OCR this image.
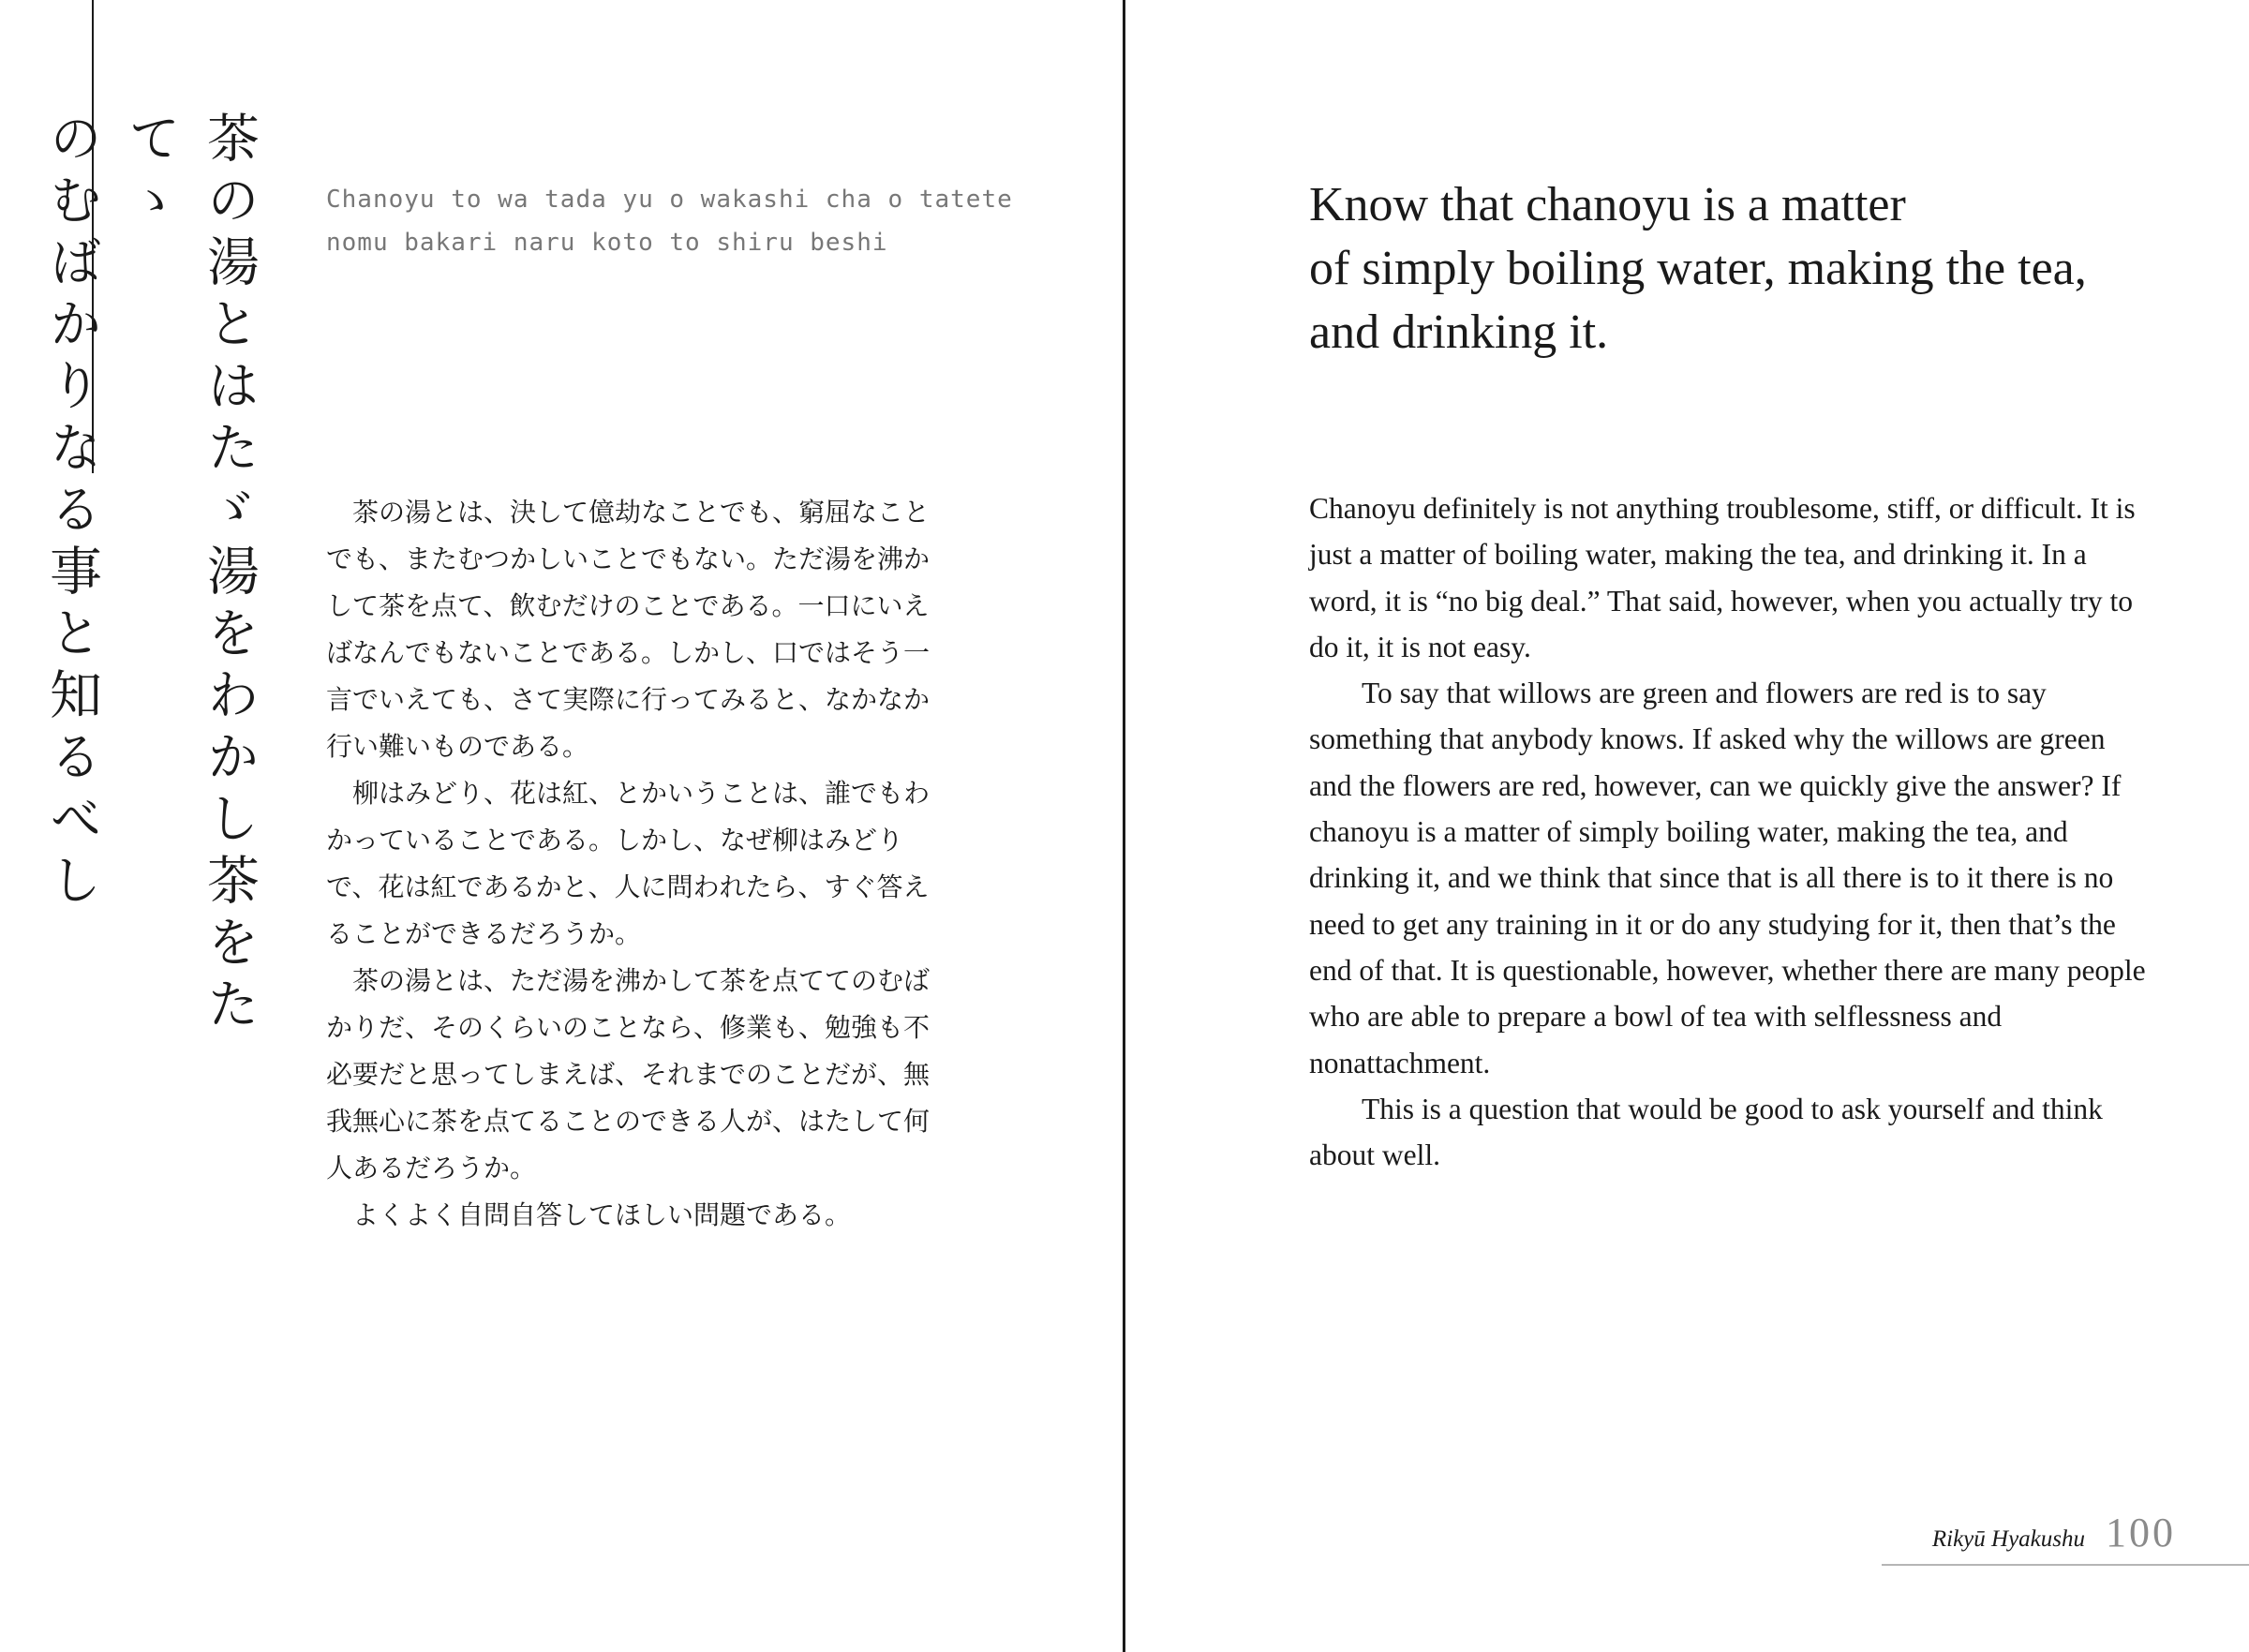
茶の湯とはたゞ湯をわかし茶をたてゝ
のむばかりなる事と知るべし	Chanoyu to wa tada yu o wakashi cha o tatete
nomu bakari naru koto to shiru beshi

茶の湯とは、決して億劫なことでも、窮屈なことでも、またむつかしいことでもない。ただ湯を沸かして茶を点て、飲むだけのことである。一口にいえばなんでもないことである。しかし、口ではそう一言でいえても、さて実際に行ってみると、なかなか行い難いものである。

柳はみどり、花は紅、とかいうことは、誰でもわかっていることである。しかし、なぜ柳はみどりで、花は紅であるかと、人に問われたら、すぐ答えることができるだろうか。

茶の湯とは、ただ湯を沸かして茶を点ててのむばかりだ、そのくらいのことなら、修業も、勉強も不必要だと思ってしまえば、それまでのことだが、無我無心に茶を点てることのできる人が、はたして何人あるだろうか。

よくよく自問自答してほしい問題である。

Know that chanoyu is a matter
of simply boiling water, making the tea,
and drinking it.

Chanoyu definitely is not anything troublesome, stiff, or difficult. It is just a matter of boiling water, making the tea, and drinking it. In a word, it is “no big deal.” That said, however, when you actually try to do it, it is not easy.

To say that willows are green and flowers are red is to say something that anybody knows. If asked why the willows are green and the flowers are red, however, can we quickly give the answer? If chanoyu is a matter of simply boiling water, making the tea, and drinking it, and we think that since that is all there is to it there is no need to get any training in it or do any studying for it, then that’s the end of that. It is questionable, however, whether there are many people who are able to prepare a bowl of tea with selflessness and nonattachment.

This is a question that would be good to ask yourself and think about well.

Rikyū Hyakushu 100
